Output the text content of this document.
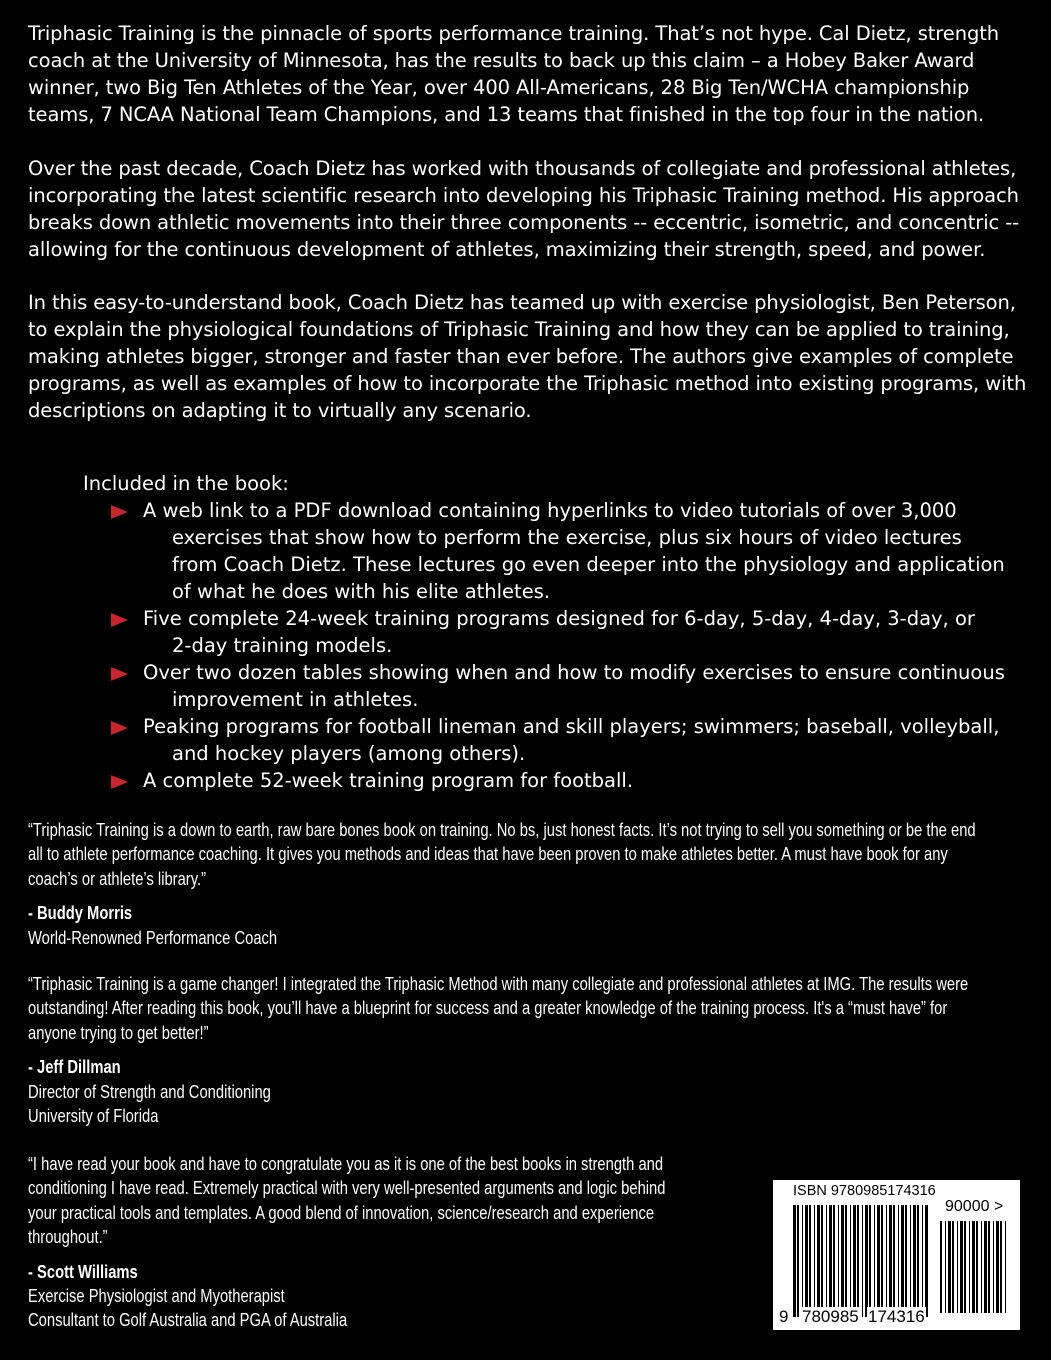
Triphasic Training is the pinnacle of sports performance training. That’s not hype. Cal Dietz, strength
coach at the University of Minnesota, has the results to back up this claim – a Hobey Baker Award
winner, two Big Ten Athletes of the Year, over 400 All-Americans, 28 Big Ten/WCHA championship
teams, 7 NCAA National Team Champions, and 13 teams that finished in the top four in the nation.
Over the past decade, Coach Dietz has worked with thousands of collegiate and professional athletes,
incorporating the latest scientific research into developing his Triphasic Training method. His approach
breaks down athletic movements into their three components -- eccentric, isometric, and concentric --
allowing for the continuous development of athletes, maximizing their strength, speed, and power.
In this easy-to-understand book, Coach Dietz has teamed up with exercise physiologist, Ben Peterson,
to explain the physiological foundations of Triphasic Training and how they can be applied to training,
making athletes bigger, stronger and faster than ever before. The authors give examples of complete
programs, as well as examples of how to incorporate the Triphasic method into existing programs, with
descriptions on adapting it to virtually any scenario.
Included in the book:
A web link to a PDF download containing hyperlinks to video tutorials of over 3,000
exercises that show how to perform the exercise, plus six hours of video lectures
from Coach Dietz. These lectures go even deeper into the physiology and application
of what he does with his elite athletes.
Five complete 24-week training programs designed for 6-day, 5-day, 4-day, 3-day, or
2-day training models.
Over two dozen tables showing when and how to modify exercises to ensure continuous
improvement in athletes.
Peaking programs for football lineman and skill players; swimmers; baseball, volleyball,
and hockey players (among others).
A complete 52-week training program for football.
“Triphasic Training is a down to earth, raw bare bones book on training. No bs, just honest facts. It’s not trying to sell you something or be the end
all to athlete performance coaching. It gives you methods and ideas that have been proven to make athletes better. A must have book for any
coach’s or athlete’s library.”
- Buddy Morris
World-Renowned Performance Coach
“Triphasic Training is a game changer! I integrated the Triphasic Method with many collegiate and professional athletes at IMG. The results were
outstanding! After reading this book, you’ll have a blueprint for success and a greater knowledge of the training process. It's a “must have” for
anyone trying to get better!”
- Jeff Dillman
Director of Strength and Conditioning
University of Florida
“I have read your book and have to congratulate you as it is one of the best books in strength and
conditioning I have read. Extremely practical with very well-presented arguments and logic behind
your practical tools and templates. A good blend of innovation, science/research and experience
throughout.”
- Scott Williams
Exercise Physiologist and Myotherapist
Consultant to Golf Australia and PGA of Australia
ISBN 9780985174316
90000 >
9 780985 174316
